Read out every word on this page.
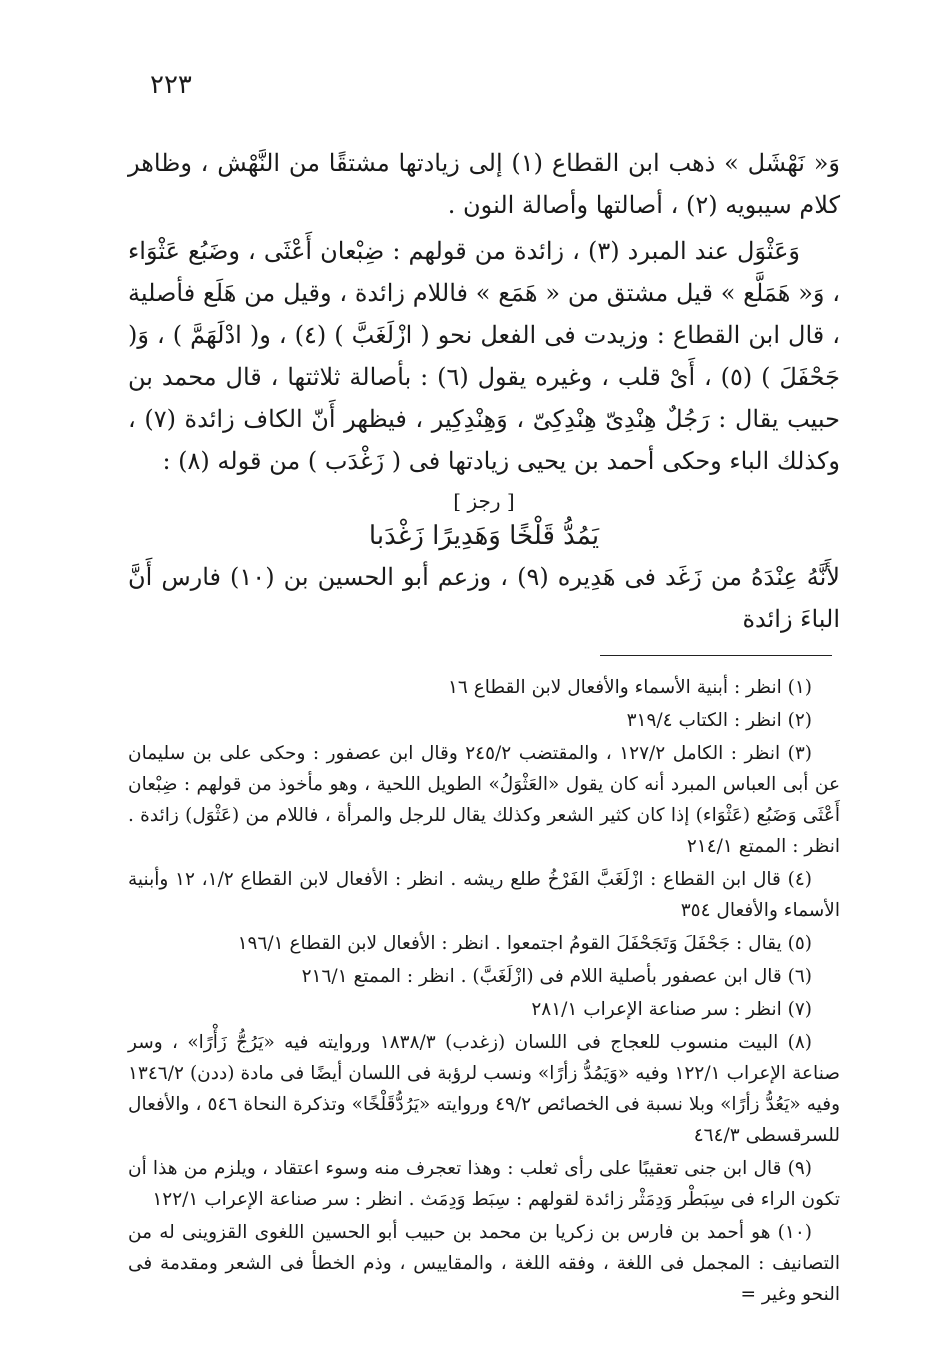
٢٢٣

وَ« نَهْشَل » ذهب ابن القطاع (١) إلى زيادتها مشتقًا من النَّهْش ، وظاهر كلام سيبويه (٢) ، أصالتها وأصالة النون .

وَعَثْوَل عند المبرد (٣) ، زائدة من قولهم : ضِبْعان أَعْثَى ، وضَبُع عَثْوَاء ، وَ« هَمَلَّع » قيل مشتق من « هَمَع » فاللام زائدة ، وقيل من هَلَع فأصلية ، قال ابن القطاع : وزيدت فى الفعل نحو ( ازْلَغَبَّ ) (٤) ، و( ادْلَهَمَّ ) ، وَ( جَحْفَلَ ) (٥) ، أَىْ قلب ، وغيره يقول (٦) : بأصالة ثلاثتها ، قال محمد بن حبيب يقال : رَجُلٌ هِنْدِىّ هِنْدِكِىّ ، وَهِنْدِكِير ، فيظهر أَنّ الكاف زائدة (٧) ، وكذلك الباء وحكى أحمد بن يحيى زيادتها فى ( زَغْدَب ) من قوله (٨) :

[ رجز ]
يَمُدُّ قَلْخًا وَهَدِيرًا زَغْدَبا

لأَنَّهُ عِنْدَهُ من زَغَد فى هَدِيره (٩) ، وزعم أبو الحسين بن (١٠) فارس أَنَّ الباءَ زائدة

(١) انظر : أبنية الأسماء والأفعال لابن القطاع ١٦

(٢) انظر : الكتاب ٣١٩/٤

(٣) انظر : الكامل ١٢٧/٢ ، والمقتضب ٢٤٥/٢ وقال ابن عصفور : وحكى على بن سليمان عن أبى العباس المبرد أنه كان يقول «العَثْوَلُ» الطويل اللحية ، وهو مأخوذ من قولهم : ضِبْعان أَعْثَى وَضَبُع (عَثْوَاء) إذا كان كثير الشعر وكذلك يقال للرجل والمرأة ، فاللام من (عَثْوَل) زائدة . انظر : الممتع ٢١٤/١

(٤) قال ابن القطاع : ازْلَغَبَّ الفَرْخُ طلع ريشه . انظر : الأفعال لابن القطاع ١/٢، ١٢ وأبنية الأسماء والأفعال ٣٥٤

(٥) يقال : جَحْفَلَ وَتَجَحْفَلَ القومُ اجتمعوا . انظر : الأفعال لابن القطاع ١٩٦/١

(٦) قال ابن عصفور بأصلية اللام فى (ازْلَغَبَّ) . انظر : الممتع ٢١٦/١

(٧) انظر : سر صناعة الإعراب ٢٨١/١

(٨) البيت منسوب للعجاج فى اللسان (زغدب) ١٨٣٨/٣ وروايته فيه «يَرُجُّ زَأْرًا» ، وسر صناعة الإعراب ١٢٢/١ وفيه «وَيَمُدُّ زأرًا» ونسب لرؤبة فى اللسان أيضًا فى مادة (ددن) ١٣٤٦/٢ وفيه «يَعُدُّ زأرًا» وبلا نسبة فى الخصائص ٤٩/٢ وروايته «يَرُدُّقَلْخًا» وتذكرة النحاة ٥٤٦ ، والأفعال للسرقسطى ٤٦٤/٣

(٩) قال ابن جنى تعقيبًا على رأى ثعلب : وهذا تعجرف منه وسوء اعتقاد ، ويلزم من هذا أن تكون الراء فى سِبَطْر وَدِمَثْر زائدة لقولهم : سِبَط وَدِمَث . انظر : سر صناعة الإعراب ١٢٢/١

(١٠) هو أحمد بن فارس بن زكريا بن محمد بن حبيب أبو الحسين اللغوى القزوينى له من التصانيف : المجمل فى اللغة ، وفقه اللغة ، والمقاييس ، وذم الخطأ فى الشعر ومقدمة فى النحو وغير =
